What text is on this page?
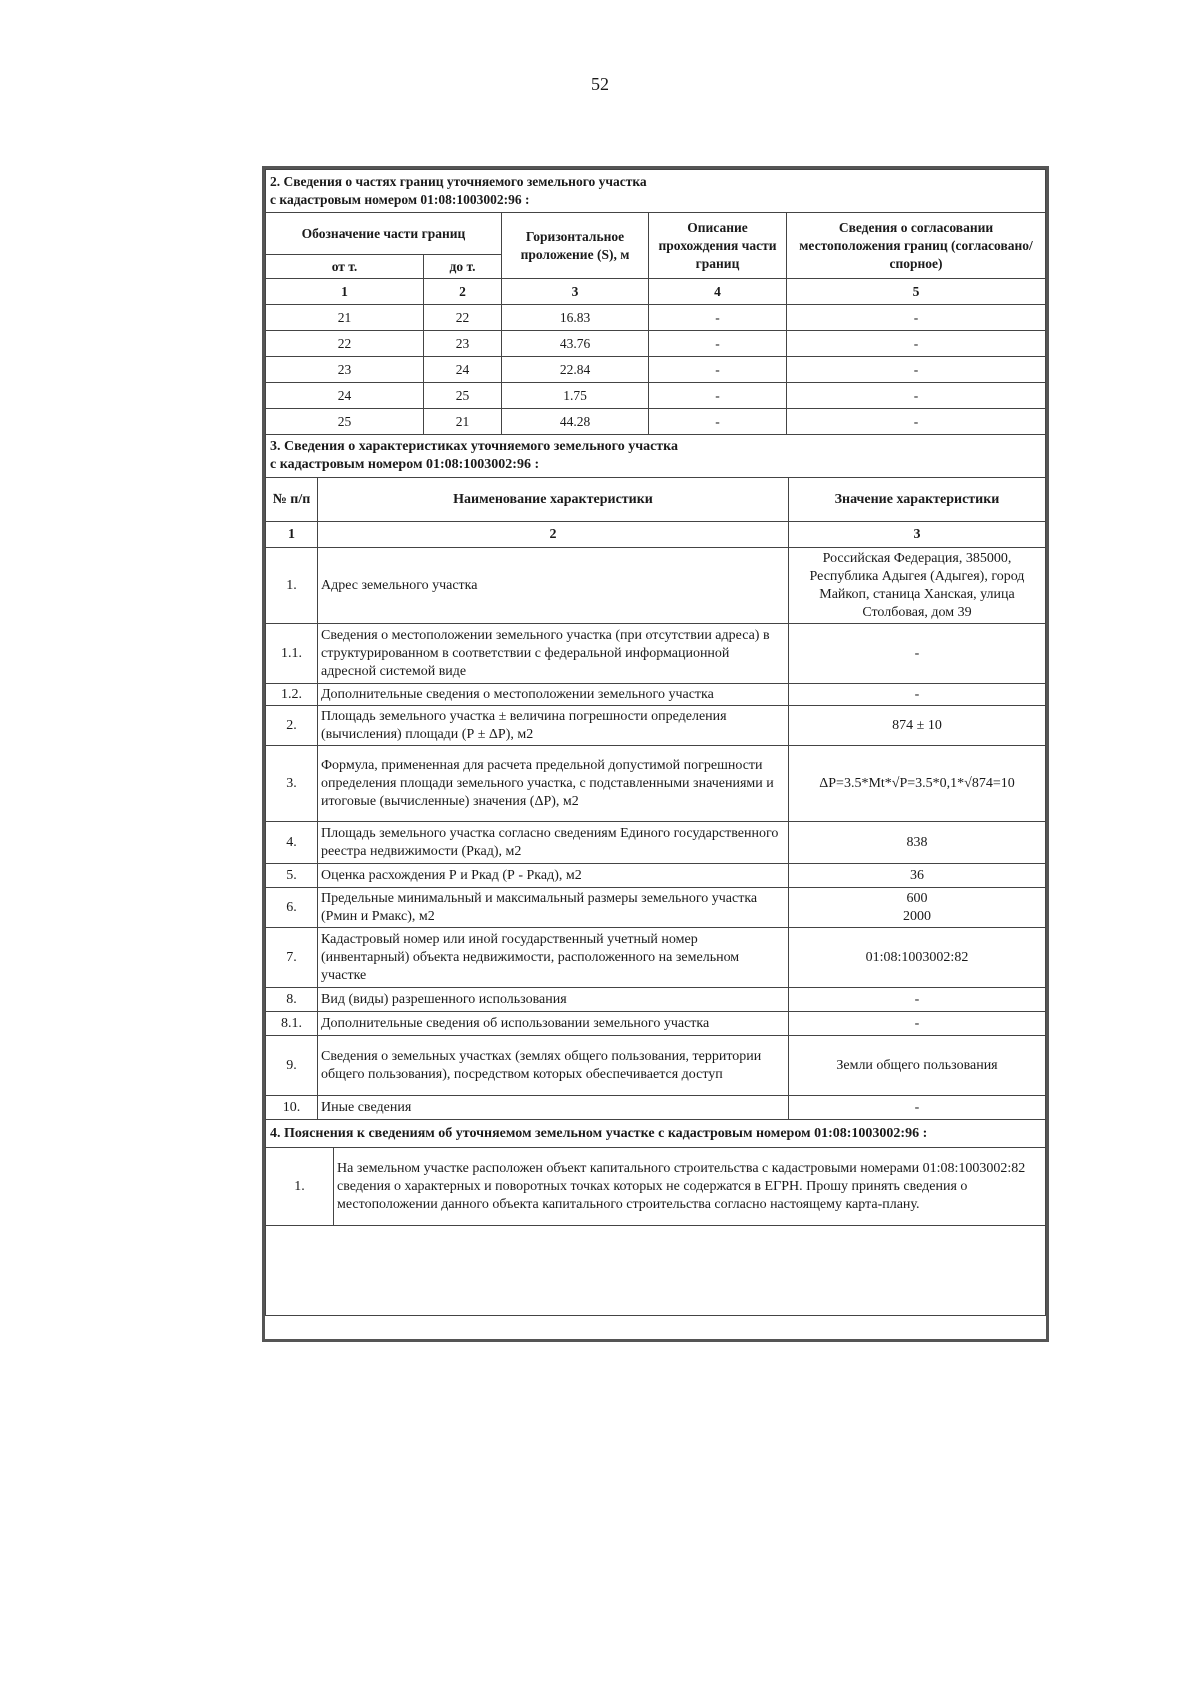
52
2. Сведения о частях границ уточняемого земельного участка
с кадастровым номером 01:08:1003002:96 :				

Обозначение части границ		Горизонтальное проложение (S), м	Описание прохождения части границ	Сведения о согласовании местоположения границ (согласовано/спорное)
от т.	до т.			
1	2	3	4	5
21	22	16.83	-	-
22	23	43.76	-	-
23	24	22.84	-	-
24	25	1.75	-	-
25	21	44.28	-	-
3. Сведения о характеристиках уточняемого земельного участка
с кадастровым номером 01:08:1003002:96 :		

№ п/п	Наименование характеристики	Значение характеристики
1	2	3
1.	Адрес земельного участка	Российская Федерация, 385000, Республика Адыгея (Адыгея), город Майкоп, станица Ханская, улица Столбовая, дом 39
1.1.	Сведения о местоположении земельного участка (при отсутствии адреса) в структурированном в соответствии с федеральной информационной адресной системой виде	-
1.2.	Дополнительные сведения о местоположении земельного участка	-
2.	Площадь земельного участка ± величина погрешности определения (вычисления) площади (Р ± ΔР), м2	874 ± 10
3.	Формула, примененная для расчета предельной допустимой погрешности определения площади земельного участка, с подставленными значениями и итоговые (вычисленные) значения (ΔР), м2	ΔР=3.5*Mt*√Р=3.5*0,1*√874=10
4.	Площадь земельного участка согласно сведениям Единого государственного реестра недвижимости (Ркад), м2	838
5.	Оценка расхождения Р и Ркад (Р - Ркад), м2	36
6.	Предельные минимальный и максимальный размеры земельного участка (Рмин и Рмакс), м2	600
2000

7.	Кадастровый номер или иной государственный учетный номер (инвентарный) объекта недвижимости, расположенного на земельном участке	01:08:1003002:82
8.	Вид (виды) разрешенного использования	-
8.1.	Дополнительные сведения об использовании земельного участка	-
9.	Сведения о земельных участках (землях общего пользования, территории общего пользования), посредством которых обеспечивается доступ	Земли общего пользования
10.	Иные сведения	-
4. Пояснения к сведениям об уточняемом земельном участке с кадастровым номером 01:08:1003002:96 :
1.	На земельном участке расположен объект капитального строительства с кадастровыми номерами 01:08:1003002:82 сведения о характерных и поворотных точках которых не содержатся в ЕГРН. Прошу принять сведения о местоположении данного объекта капитального строительства согласно настоящему карта-плану.
